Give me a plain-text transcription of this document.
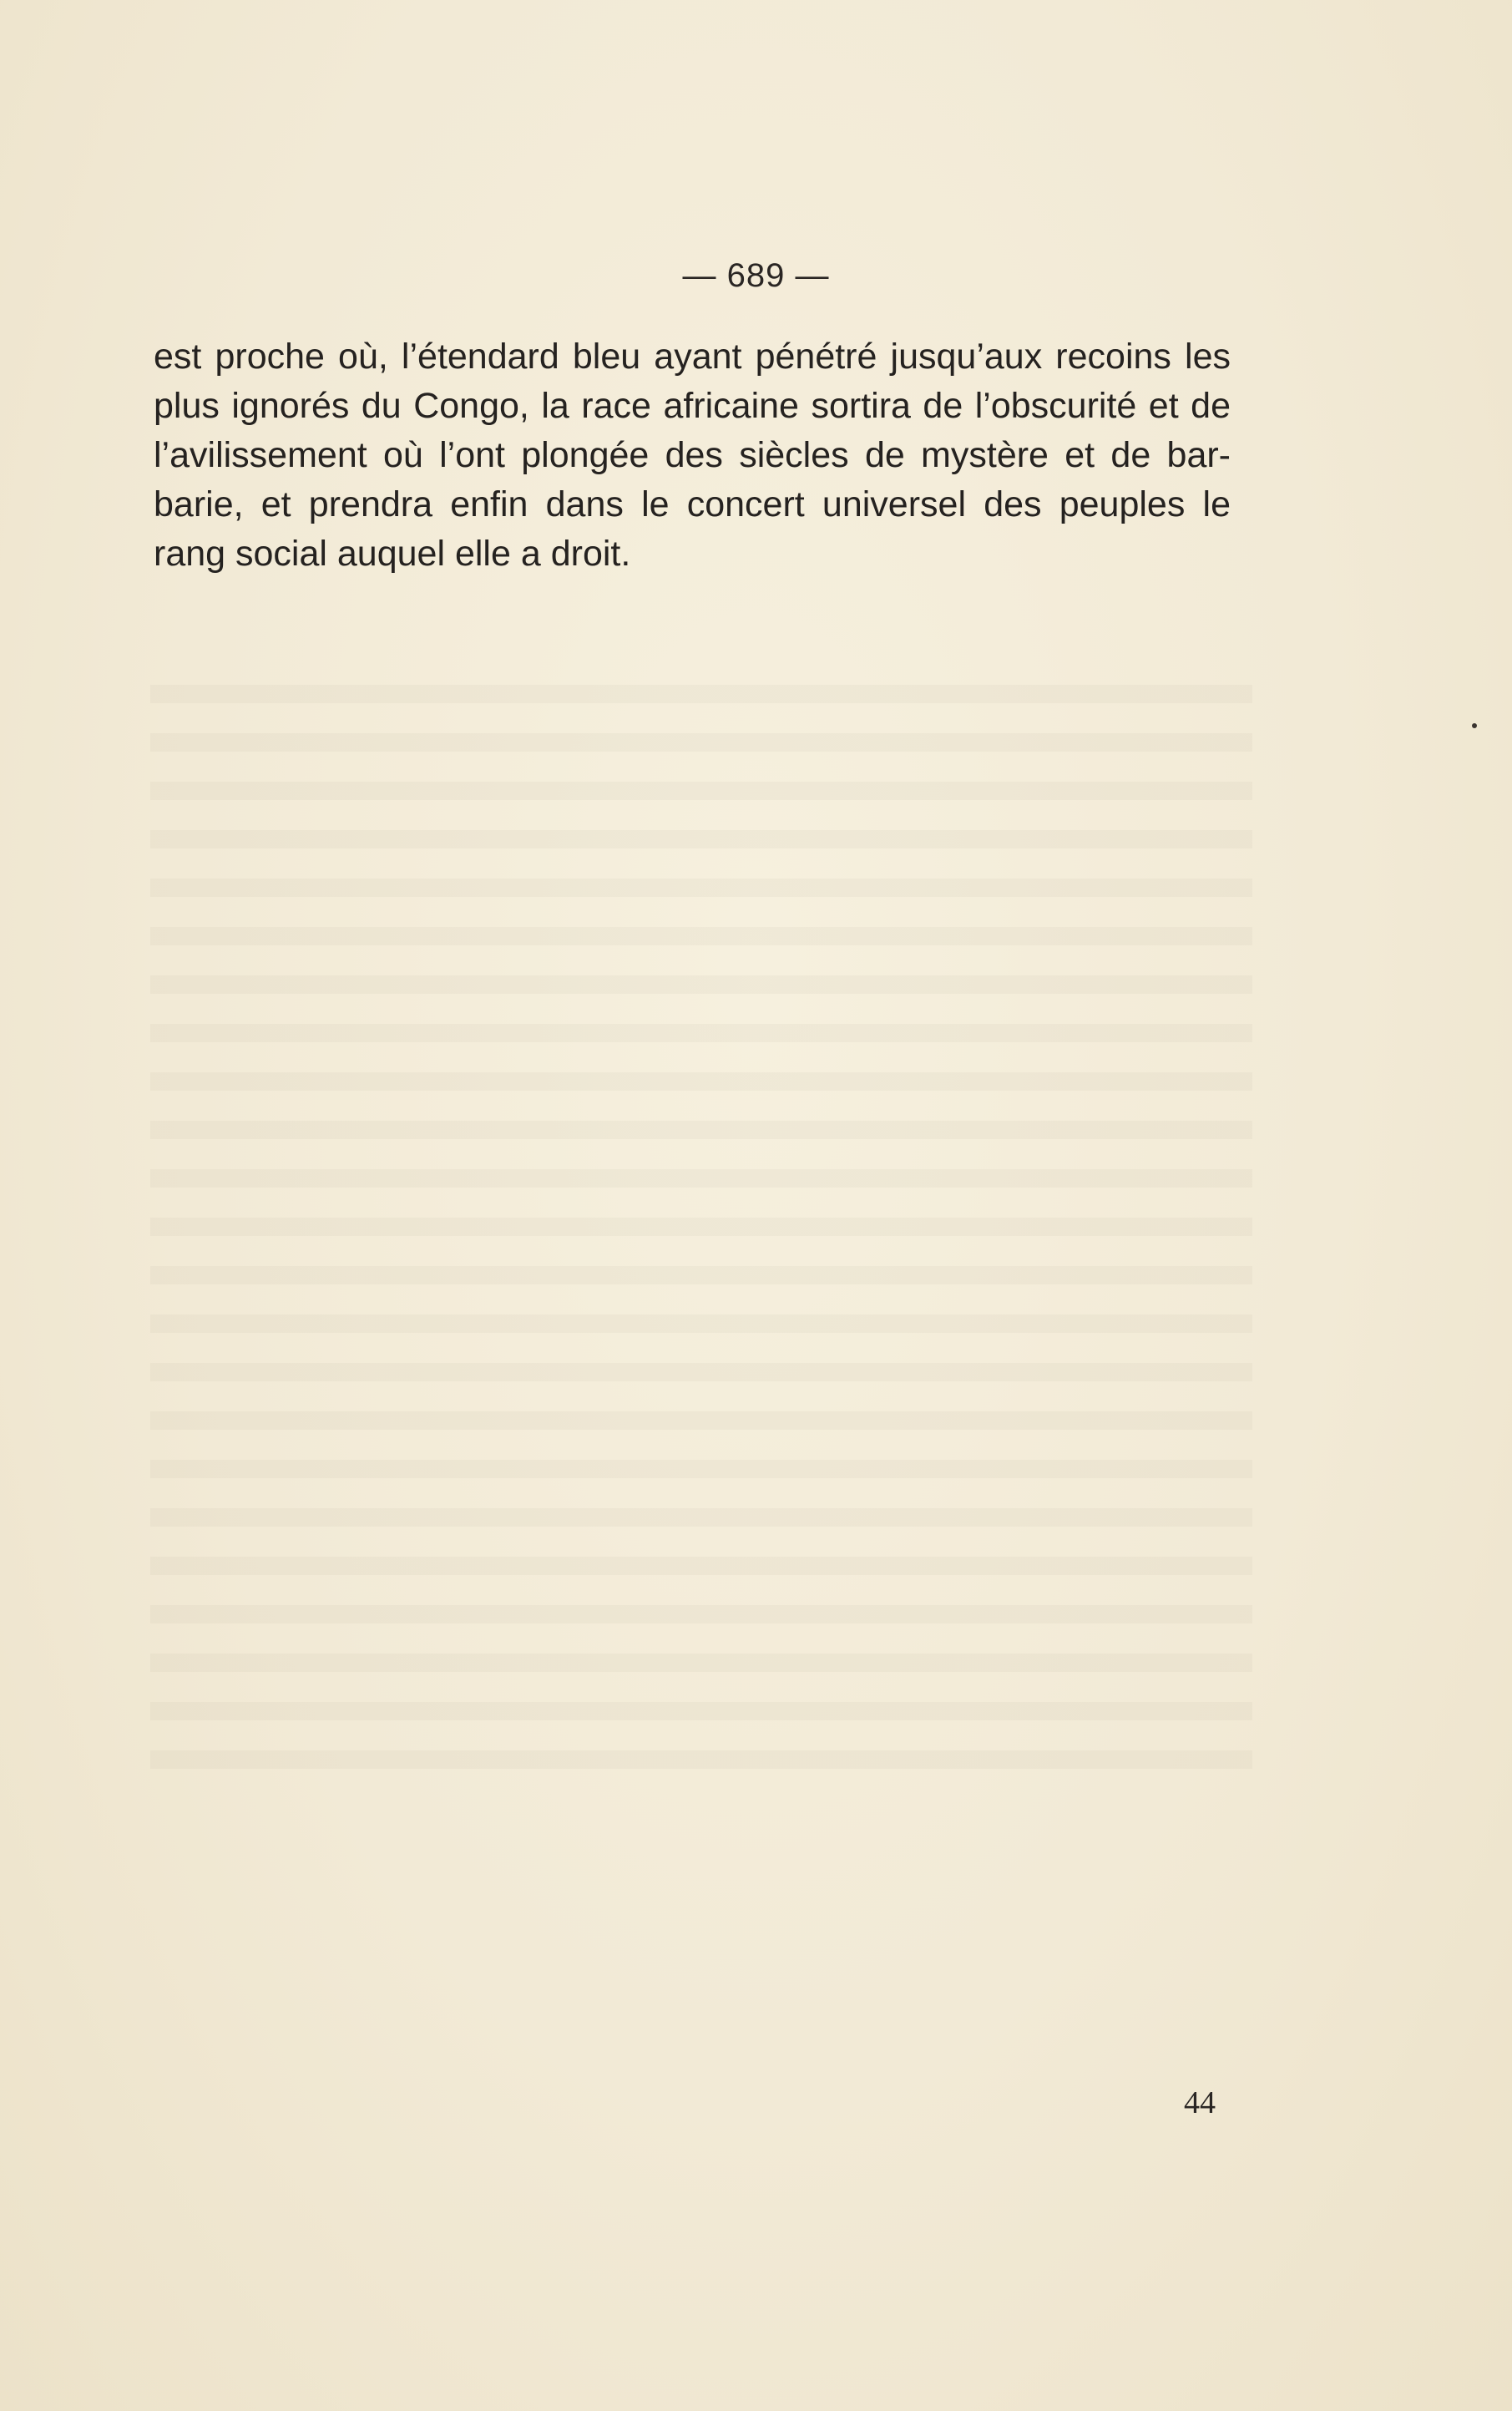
— 689 —
est proche où, l’étendard bleu ayant pénétré jusqu’aux recoins les
plus ignorés du Congo, la race africaine sortira de l’obscurité et de
l’avilissement où l’ont plongée des siècles de mystère et de bar-
barie, et prendra enfin dans le concert universel des peuples le
rang social auquel elle a droit.
44
